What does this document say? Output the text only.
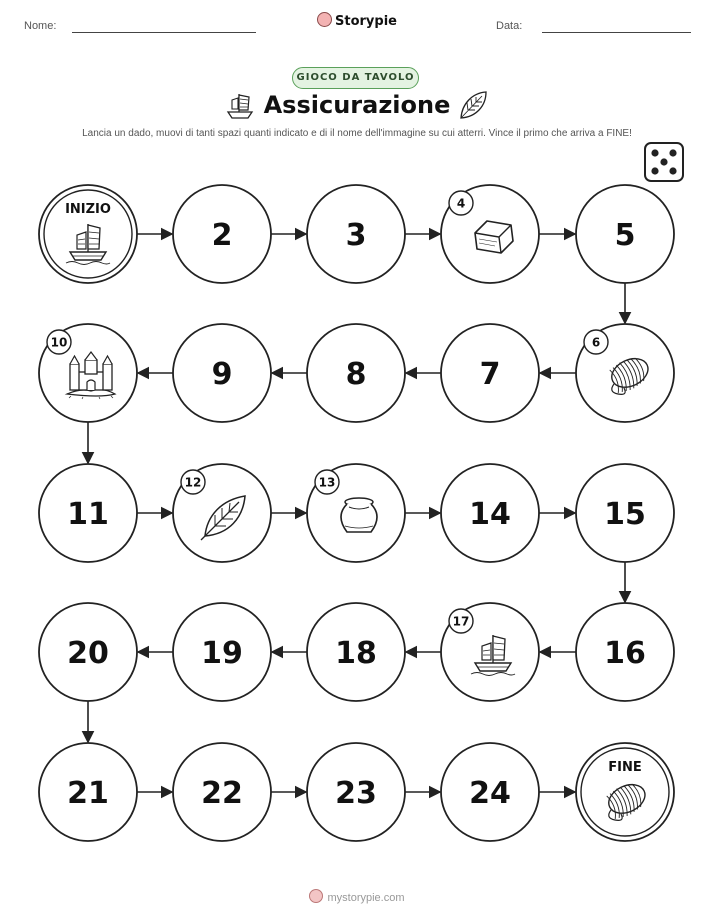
Nome:	Storypie	Data:
GIOCO DA TAVOLO
Assicurazione
Lancia un dado, muovi di tanti spazi quanti indicato e di il nome dell'immagine su cui atterri. Vince il primo che arriva a FINE!
INIZIO
2	3
4
5
6
7
8
9
10
11
12	13
14	15
16
17
18
19
20
21	22	23	24
FINE
mystorypie.com
